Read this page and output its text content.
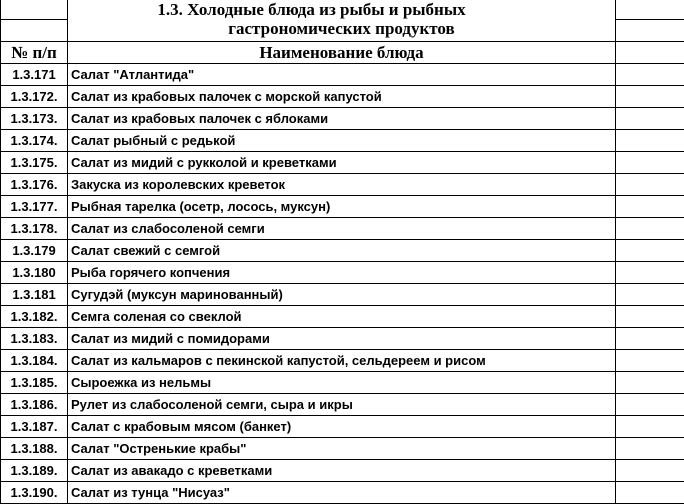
	1.3. Холодные блюда из рыбы и рыбных
гастрономических продуктов	

№ п/п	Наименование блюда	
1.3.171	Салат "Атлантида"	
1.3.172.	Салат из крабовых палочек с морской капустой	
1.3.173.	Салат из крабовых палочек с яблоками	
1.3.174.	Салат рыбный с редькой	
1.3.175.	Салат из мидий с рукколой и креветками	
1.3.176.	Закуска из королевских креветок	
1.3.177.	Рыбная тарелка (осетр, лосось, муксун)	
1.3.178.	Салат из слабосоленой семги	
1.3.179	Салат свежий с семгой	
1.3.180	Рыба горячего копчения	
1.3.181	Сугудэй (муксун маринованный)	
1.3.182.	Семга соленая со свеклой	
1.3.183.	Салат из мидий с помидорами	
1.3.184.	Салат из кальмаров с пекинской капустой, сельдереем и рисом	
1.3.185.	Сыроежка из нельмы	
1.3.186.	Рулет из слабосоленой семги, сыра и икры	
1.3.187.	Салат с крабовым мясом (банкет)	
1.3.188.	Салат "Остренькие крабы"	
1.3.189.	Салат из авакадо с креветками	
1.3.190.	Салат из тунца "Нисуаз"	
